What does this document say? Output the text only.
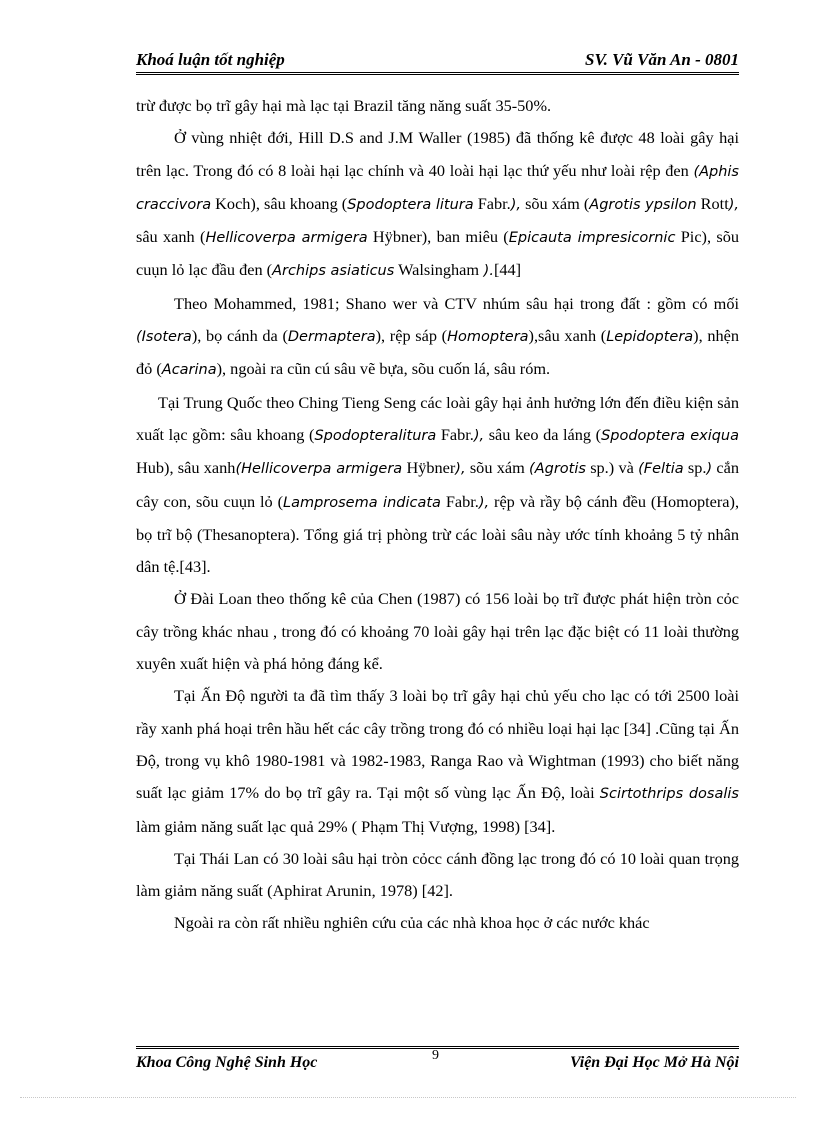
Khoá luận tốt nghiệp	SV. Vũ Văn An - 0801

trừ được bọ trĩ gây hại mà lạc tại Brazil tăng năng suất 35-50%.

Ở vùng nhiệt đới, Hill D.S and J.M Waller (1985) đã thống kê được 48 loài gây hại trên lạc. Trong đó có 8 loài hại lạc chính và 40 loài hại lạc thứ yếu như loài rệp đen (Aphis craccivora Koch), sâu khoang (Spodoptera litura Fabr.), sõu xám (Agrotis ypsilon Rott), sâu xanh (Hellicoverpa armigera Hÿbner), ban miêu (Epicauta impresicornic Pic), sõu cuụn lỏ lạc đầu đen (Archips asiaticus Walsingham ).[44]

Theo Mohammed, 1981; Shano wer và CTV nhúm sâu hại trong đất : gồm có mối (Isotera), bọ cánh da (Dermaptera), rệp sáp (Homoptera),sâu xanh (Lepidoptera), nhện đỏ (Acarina), ngoài ra cũn cú sâu vẽ bựa, sõu cuốn lá, sâu róm.

Tại Trung Quốc theo Ching Tieng Seng các loài gây hại ảnh hưởng lớn đến điều kiện sản xuất lạc gồm: sâu khoang (Spodopteralitura Fabr.), sâu keo da láng (Spodoptera exiqua Hub), sâu xanh(Hellicoverpa armigera Hÿbner), sõu xám (Agrotis sp.) và (Feltia sp.) cắn cây con, sõu cuụn lỏ (Lamprosema indicata Fabr.), rệp và rầy bộ cánh đều (Homoptera), bọ trĩ bộ (Thesanoptera). Tổng giá trị phòng trừ các loài sâu này ước tính khoảng 5 tỷ nhân dân tệ.[43].

Ở Đài Loan theo thống kê của Chen (1987) có 156 loài bọ trĩ được phát hiện tròn cỏc cây trồng khác nhau , trong đó có khoảng 70 loài gây hại trên lạc đặc biệt có 11 loài thường xuyên xuất hiện và phá hỏng đáng kể.

Tại Ấn Độ người ta đã tìm thấy 3 loài bọ trĩ gây hại chủ yếu cho lạc có tới 2500 loài rầy xanh phá hoại trên hầu hết các cây trồng trong đó có nhiều loại hại lạc [34] .Cũng tại Ấn Độ, trong vụ khô 1980-1981 và 1982-1983, Ranga Rao và Wightman (1993) cho biết năng suất lạc giảm 17% do bọ trĩ gây ra. Tại một số vùng lạc Ấn Độ, loài Scirtothrips dosalis làm giảm năng suất lạc quả 29% ( Phạm Thị Vượng, 1998) [34].

Tại Thái Lan có 30 loài sâu hại tròn cỏcc cánh đồng lạc trong đó có 10 loài quan trọng làm giảm năng suất (Aphirat Arunin, 1978) [42].

Ngoài ra còn rất nhiều nghiên cứu của các nhà khoa học ở các nước khác

Khoa Công Nghệ Sinh Học	9	Viện Đại Học Mở Hà Nội
